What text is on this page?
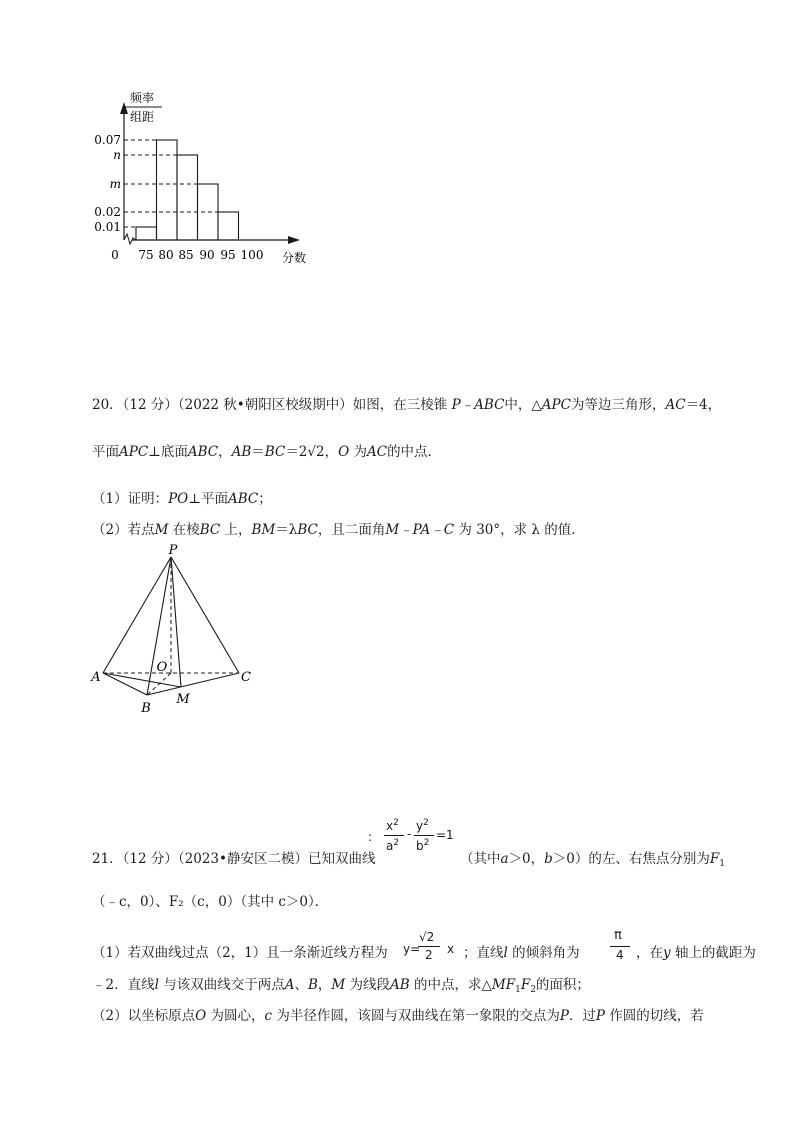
频率
组距
0
0.07
n
m
0.02
0.01
75 80 85 90 95 100 分数
20．（12 分）（2022 秋•朝阳区校级期中）如图，在三棱锥 P﹣ABC中，△APC为等边三角形，AC＝4，
平面APC⊥底面ABC，AB＝BC＝2√2，O 为AC的中点．
（1）证明：PO⊥平面ABC；
（2）若点M 在棱BC 上，BM＝λBC，且二面角M﹣PA﹣C 为 30°，求 λ 的值．
P
A	C
B
O
M
:
$x^2$
$a^2$
-
$y^2$
$b^2$
=1
21．（12 分）（2023•静安区二模）已知双曲线	（其中a＞0，b＞0）的左、右焦点分别为$F_1$
（﹣c，0）、F₂（c，0）（其中 c＞0）．
（1）若双曲线过点（2，1）且一条渐近线方程为 y=
√2
2 x ；直线l 的倾斜角为
π
4 ，在y 轴上的截距为
﹣2．直线l 与该双曲线交于两点A、B，M 为线段AB 的中点，求$\triangle MF_1F_2$的面积；
（2）以坐标原点O 为圆心，c 为半径作圆，该圆与双曲线在第一象限的交点为P．过P 作圆的切线，若
